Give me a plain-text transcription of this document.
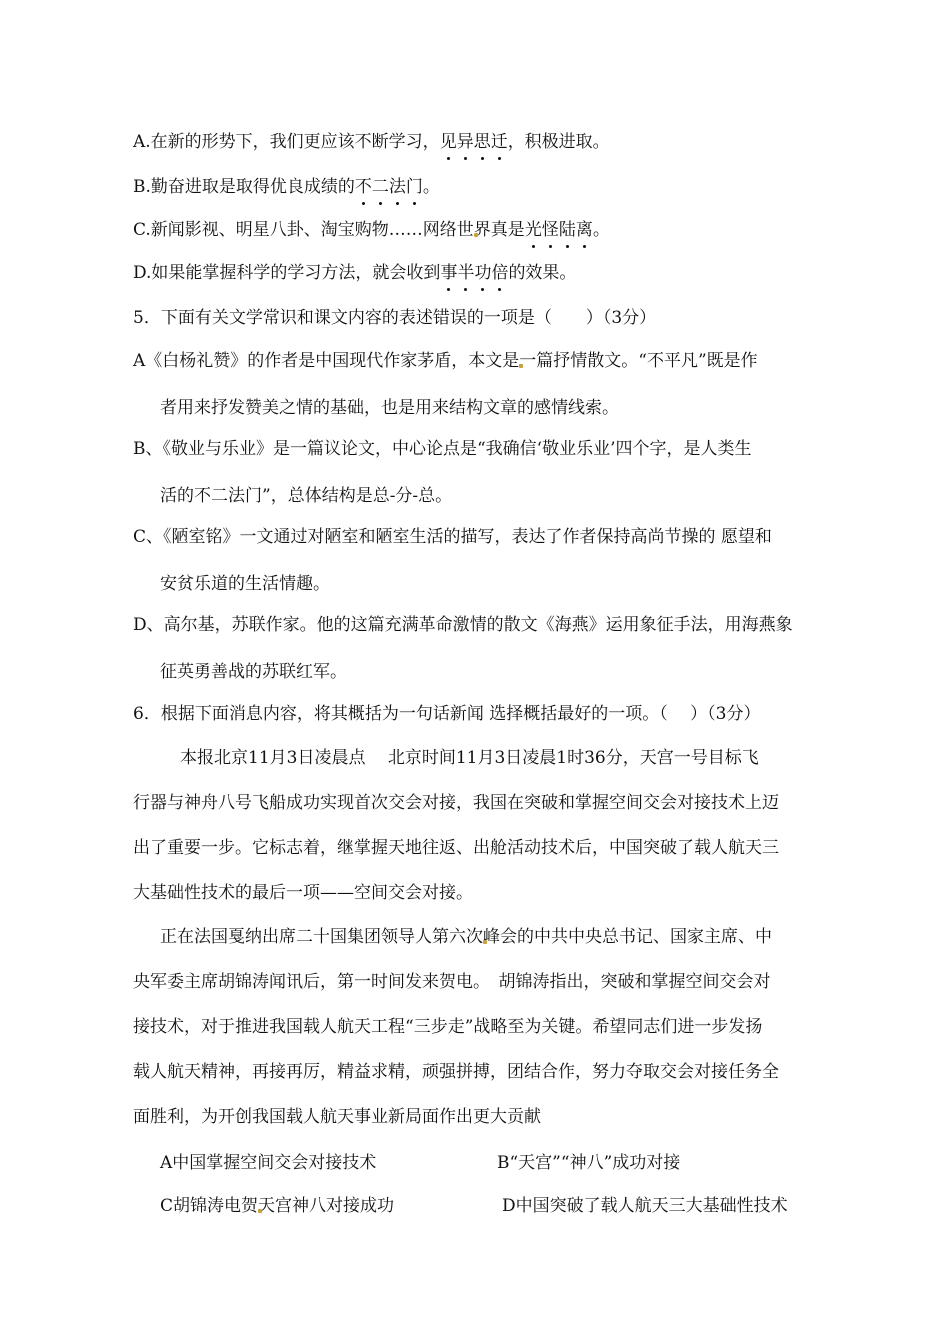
A.在新的形势下，我们更应该不断学习，见异思迁，积极进取。
B.勤奋进取是取得优良成绩的不二法门。
C.新闻影视、明星八卦、淘宝购物……网络世界真是光怪陆离。
D.如果能掌握科学的学习方法，就会收到事半功倍的效果。
5．下面有关文学常识和课文内容的表述错误的一项是（　　）（3分）
A《白杨礼赞》的作者是中国现代作家茅盾，本文是一篇抒情散文。“不平凡”既是作
者用来抒发赞美之情的基础，也是用来结构文章的感情线索。
B、《敬业与乐业》是一篇议论文，中心论点是“我确信‘敬业乐业’四个字，是人类生
活的不二法门”，总体结构是总-分-总。
C、《陋室铭》一文通过对陋室和陋室生活的描写，表达了作者保持高尚节操的 愿望和
安贫乐道的生活情趣。
D、高尔基，苏联作家。他的这篇充满革命激情的散文《海燕》运用象征手法，用海燕象
征英勇善战的苏联红军。
6．根据下面消息内容，将其概括为一句话新闻 选择概括最好的一项。（　 ）（3分）
本报北京11月3日凌晨点　 北京时间11月3日凌晨1时36分，天宫一号目标飞
行器与神舟八号飞船成功实现首次交会对接，我国在突破和掌握空间交会对接技术上迈
出了重要一步。它标志着，继掌握天地往返、出舱活动技术后，中国突破了载人航天三
大基础性技术的最后一项——空间交会对接。
正在法国戛纳出席二十国集团领导人第六次峰会的中共中央总书记、国家主席、中
央军委主席胡锦涛闻讯后，第一时间发来贺电。　胡锦涛指出，突破和掌握空间交会对
接技术，对于推进我国载人航天工程“三步走”战略至为关键。希望同志们进一步发扬
载人航天精神，再接再厉，精益求精，顽强拼搏，团结合作，努力夺取交会对接任务全
面胜利，为开创我国载人航天事业新局面作出更大贡献
A中国掌握空间交会对接技术	B“天宫”“神八”成功对接
C胡锦涛电贺天宫神八对接成功	D中国突破了载人航天三大基础性技术
